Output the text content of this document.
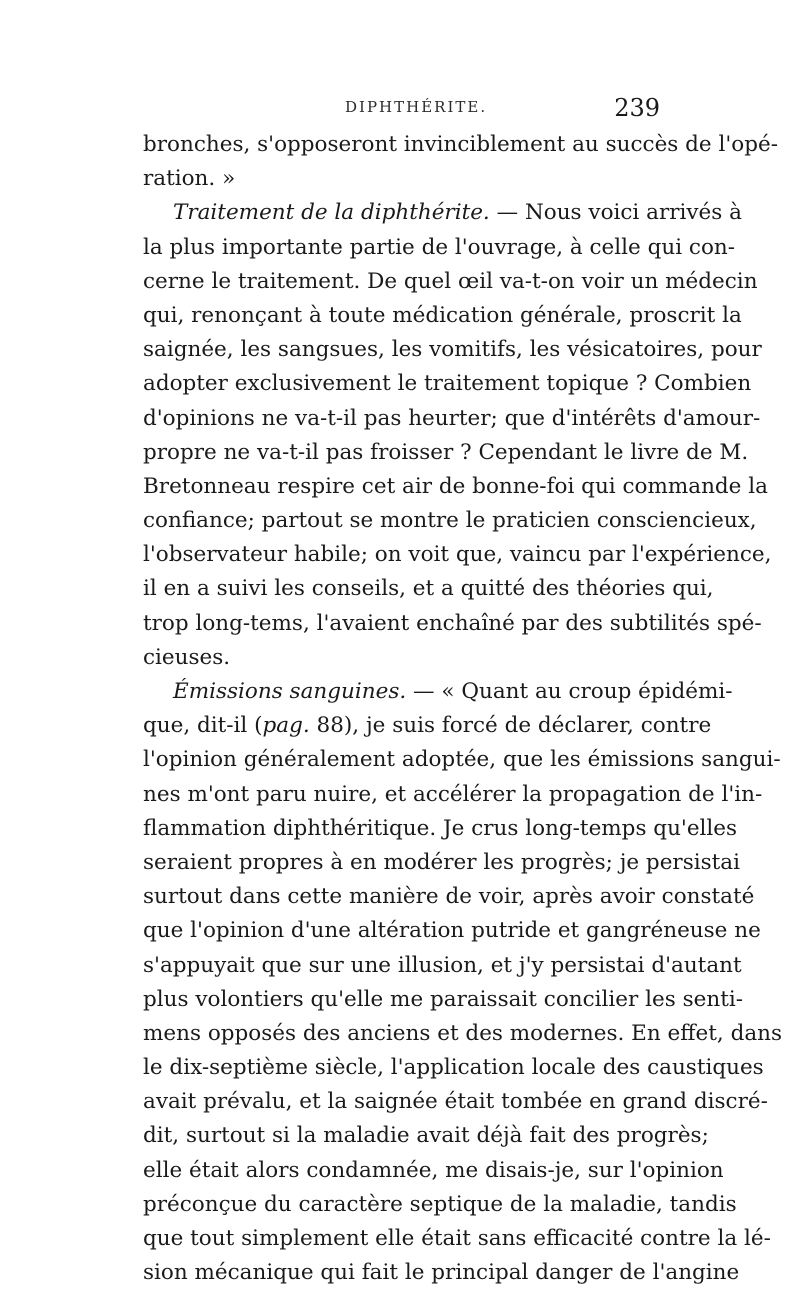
DIPHTHÉRITE.	239
bronches, s'opposeront invinciblement au succès de l'opé-
ration. »
Traitement de la diphthérite. — Nous voici arrivés à
la plus importante partie de l'ouvrage, à celle qui con-
cerne le traitement. De quel œil va-t-on voir un médecin
qui, renonçant à toute médication générale, proscrit la
saignée, les sangsues, les vomitifs, les vésicatoires, pour
adopter exclusivement le traitement topique ? Combien
d'opinions ne va-t-il pas heurter; que d'intérêts d'amour-
propre ne va-t-il pas froisser ? Cependant le livre de M.
Bretonneau respire cet air de bonne-foi qui commande la
confiance; partout se montre le praticien consciencieux,
l'observateur habile; on voit que, vaincu par l'expérience,
il en a suivi les conseils, et a quitté des théories qui,
trop long-tems, l'avaient enchaîné par des subtilités spé-
cieuses.
Émissions sanguines. — « Quant au croup épidémi-
que, dit-il (pag. 88), je suis forcé de déclarer, contre
l'opinion généralement adoptée, que les émissions sangui-
nes m'ont paru nuire, et accélérer la propagation de l'in-
flammation diphthéritique. Je crus long-temps qu'elles
seraient propres à en modérer les progrès; je persistai
surtout dans cette manière de voir, après avoir constaté
que l'opinion d'une altération putride et gangréneuse ne
s'appuyait que sur une illusion, et j'y persistai d'autant
plus volontiers qu'elle me paraissait concilier les senti-
mens opposés des anciens et des modernes. En effet, dans
le dix-septième siècle, l'application locale des caustiques
avait prévalu, et la saignée était tombée en grand discré-
dit, surtout si la maladie avait déjà fait des progrès;
elle était alors condamnée, me disais-je, sur l'opinion
préconçue du caractère septique de la maladie, tandis
que tout simplement elle était sans efficacité contre la lé-
sion mécanique qui fait le principal danger de l'angine
